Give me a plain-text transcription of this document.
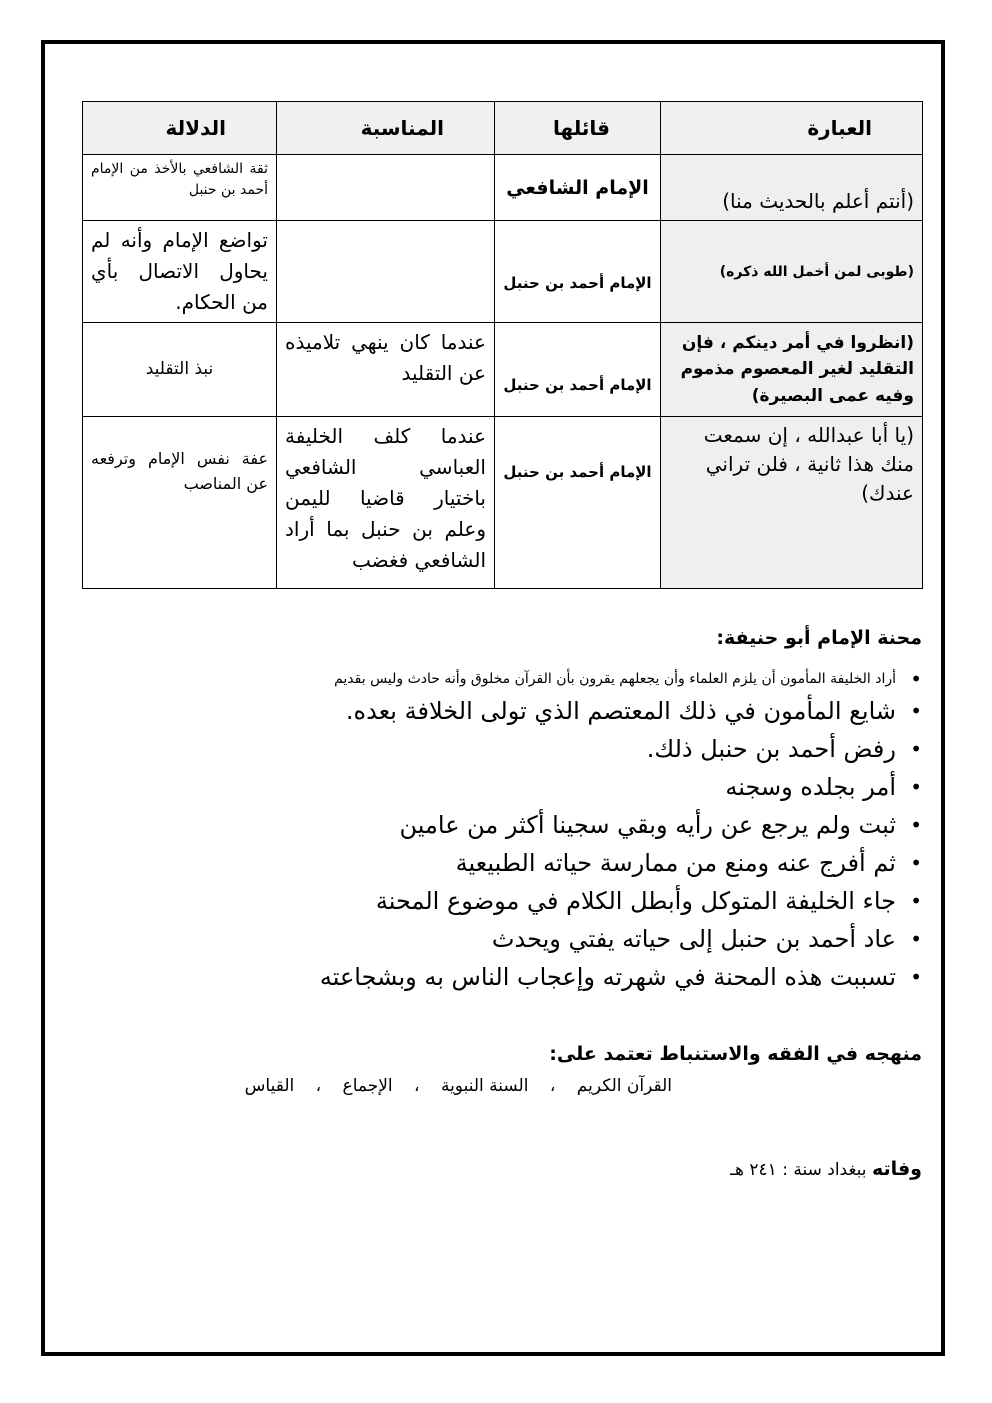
العبارة	قائلها	المناسبة	الدلالة
(أنتم أعلم بالحديث منا)	الإمام الشافعي		ثقة الشافعي بالأخذ من الإمام أحمد بن حنبل
(طوبى لمن أخمل الله ذكره)	الإمام أحمد بن حنبل		تواضع الإمام وأنه لم يحاول الاتصال بأي من الحكام.
(انظروا في أمر دينكم ، فإن التقليد لغير المعصوم مذموم وفيه عمى البصيرة)	الإمام أحمد بن حنبل	عندما كان ينهي تلاميذه عن التقليد	نبذ التقليد
(يا أبا عبدالله ، إن سمعت منك هذا ثانية ، فلن تراني عندك)	الإمام أحمد بن حنبل	عندما كلف الخليفة العباسي الشافعي باختيار قاضيا لليمن وعلم بن حنبل بما أراد الشافعي فغضب	عفة نفس الإمام وترفعه عن المناصب
محنة الإمام أبو حنيفة:
• أراد الخليفة المأمون أن يلزم العلماء وأن يجعلهم يقرون بأن القرآن مخلوق وأنه حادث وليس بقديم
• شايع المأمون في ذلك المعتصم الذي تولى الخلافة بعده.
• رفض أحمد بن حنبل ذلك.
• أمر بجلده وسجنه
• ثبت ولم يرجع عن رأيه وبقي سجينا أكثر من عامين
• ثم أفرج عنه ومنع من ممارسة حياته الطبيعية
• جاء الخليفة المتوكل وأبطل الكلام في موضوع المحنة
• عاد أحمد بن حنبل إلى حياته يفتي ويحدث
• تسببت هذه المحنة في شهرته وإعجاب الناس به وبشجاعته
منهجه في الفقه والاستنباط تعتمد على:
القرآن الكريم ، السنة النبوية ، الإجماع ، القياس
وفاته ببغداد سنة : ٢٤١ هـ
